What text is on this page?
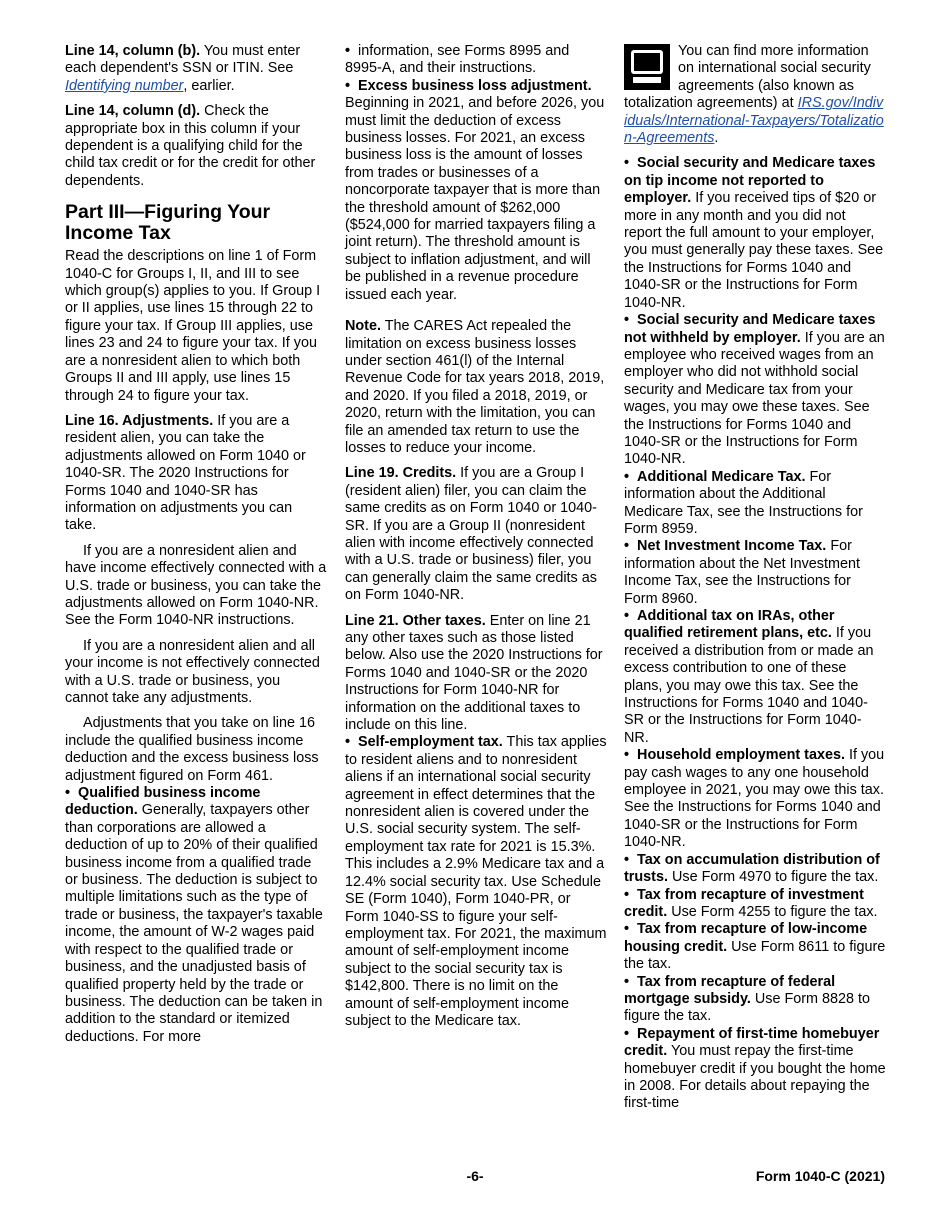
Line 14, column (b). You must enter each dependent's SSN or ITIN. See Identifying number, earlier.

Line 14, column (d). Check the appropriate box in this column if your dependent is a qualifying child for the child tax credit or for the credit for other dependents.

Part III—Figuring Your Income Tax

Read the descriptions on line 1 of Form 1040-C for Groups I, II, and III to see which group(s) applies to you. If Group I or II applies, use lines 15 through 22 to figure your tax. If Group III applies, use lines 23 and 24 to figure your tax. If you are a nonresident alien to which both Groups II and III apply, use lines 15 through 24 to figure your tax.

Line 16. Adjustments. If you are a resident alien, you can take the adjustments allowed on Form 1040 or 1040-SR. The 2020 Instructions for Forms 1040 and 1040-SR has information on adjustments you can take.

If you are a nonresident alien and have income effectively connected with a U.S. trade or business, you can take the adjustments allowed on Form 1040-NR. See the Form 1040-NR instructions.

If you are a nonresident alien and all your income is not effectively connected with a U.S. trade or business, you cannot take any adjustments.

Adjustments that you take on line 16 include the qualified business income deduction and the excess business loss adjustment figured on Form 461.

• Qualified business income deduction. Generally, taxpayers other than corporations are allowed a deduction of up to 20% of their qualified business income from a qualified trade or business. The deduction is subject to multiple limitations such as the type of trade or business, the taxpayer's taxable income, the amount of W-2 wages paid with respect to the qualified trade or business, and the unadjusted basis of qualified property held by the trade or business. The deduction can be taken in addition to the standard or itemized deductions. For more

• information, see Forms 8995 and 8995-A, and their instructions.

• Excess business loss adjustment. Beginning in 2021, and before 2026, you must limit the deduction of excess business losses. For 2021, an excess business loss is the amount of losses from trades or businesses of a noncorporate taxpayer that is more than the threshold amount of $262,000 ($524,000 for married taxpayers filing a joint return). The threshold amount is subject to inflation adjustment, and will be published in a revenue procedure issued each year.

Note. The CARES Act repealed the limitation on excess business losses under section 461(l) of the Internal Revenue Code for tax years 2018, 2019, and 2020. If you filed a 2018, 2019, or 2020, return with the limitation, you can file an amended tax return to use the losses to reduce your income.

Line 19. Credits. If you are a Group I (resident alien) filer, you can claim the same credits as on Form 1040 or 1040-SR. If you are a Group II (nonresident alien with income effectively connected with a U.S. trade or business) filer, you can generally claim the same credits as on Form 1040-NR.

Line 21. Other taxes. Enter on line 21 any other taxes such as those listed below. Also use the 2020 Instructions for Forms 1040 and 1040-SR or the 2020 Instructions for Form 1040-NR for information on the additional taxes to include on this line.

• Self-employment tax. This tax applies to resident aliens and to nonresident aliens if an international social security agreement in effect determines that the nonresident alien is covered under the U.S. social security system. The self-employment tax rate for 2021 is 15.3%. This includes a 2.9% Medicare tax and a 12.4% social security tax. Use Schedule SE (Form 1040), Form 1040-PR, or Form 1040-SS to figure your self-employment tax. For 2021, the maximum amount of self-employment income subject to the social security tax is $142,800. There is no limit on the amount of self-employment income subject to the Medicare tax.

You can find more information on international social security agreements (also known as totalization agreements) at IRS.gov/Individuals/International-Taxpayers/Totalization-Agreements.

• Social security and Medicare taxes on tip income not reported to employer. If you received tips of $20 or more in any month and you did not report the full amount to your employer, you must generally pay these taxes. See the Instructions for Forms 1040 and 1040-SR or the Instructions for Form 1040-NR.

• Social security and Medicare taxes not withheld by employer. If you are an employee who received wages from an employer who did not withhold social security and Medicare tax from your wages, you may owe these taxes. See the Instructions for Forms 1040 and 1040-SR or the Instructions for Form 1040-NR.

• Additional Medicare Tax. For information about the Additional Medicare Tax, see the Instructions for Form 8959.

• Net Investment Income Tax. For information about the Net Investment Income Tax, see the Instructions for Form 8960.

• Additional tax on IRAs, other qualified retirement plans, etc. If you received a distribution from or made an excess contribution to one of these plans, you may owe this tax. See the Instructions for Forms 1040 and 1040-SR or the Instructions for Form 1040-NR.

• Household employment taxes. If you pay cash wages to any one household employee in 2021, you may owe this tax. See the Instructions for Forms 1040 and 1040-SR or the Instructions for Form 1040-NR.

• Tax on accumulation distribution of trusts. Use Form 4970 to figure the tax.

• Tax from recapture of investment credit. Use Form 4255 to figure the tax.

• Tax from recapture of low-income housing credit. Use Form 8611 to figure the tax.

• Tax from recapture of federal mortgage subsidy. Use Form 8828 to figure the tax.

• Repayment of first-time homebuyer credit. You must repay the first-time homebuyer credit if you bought the home in 2008. For details about repaying the first-time

-6-	Form 1040-C (2021)
